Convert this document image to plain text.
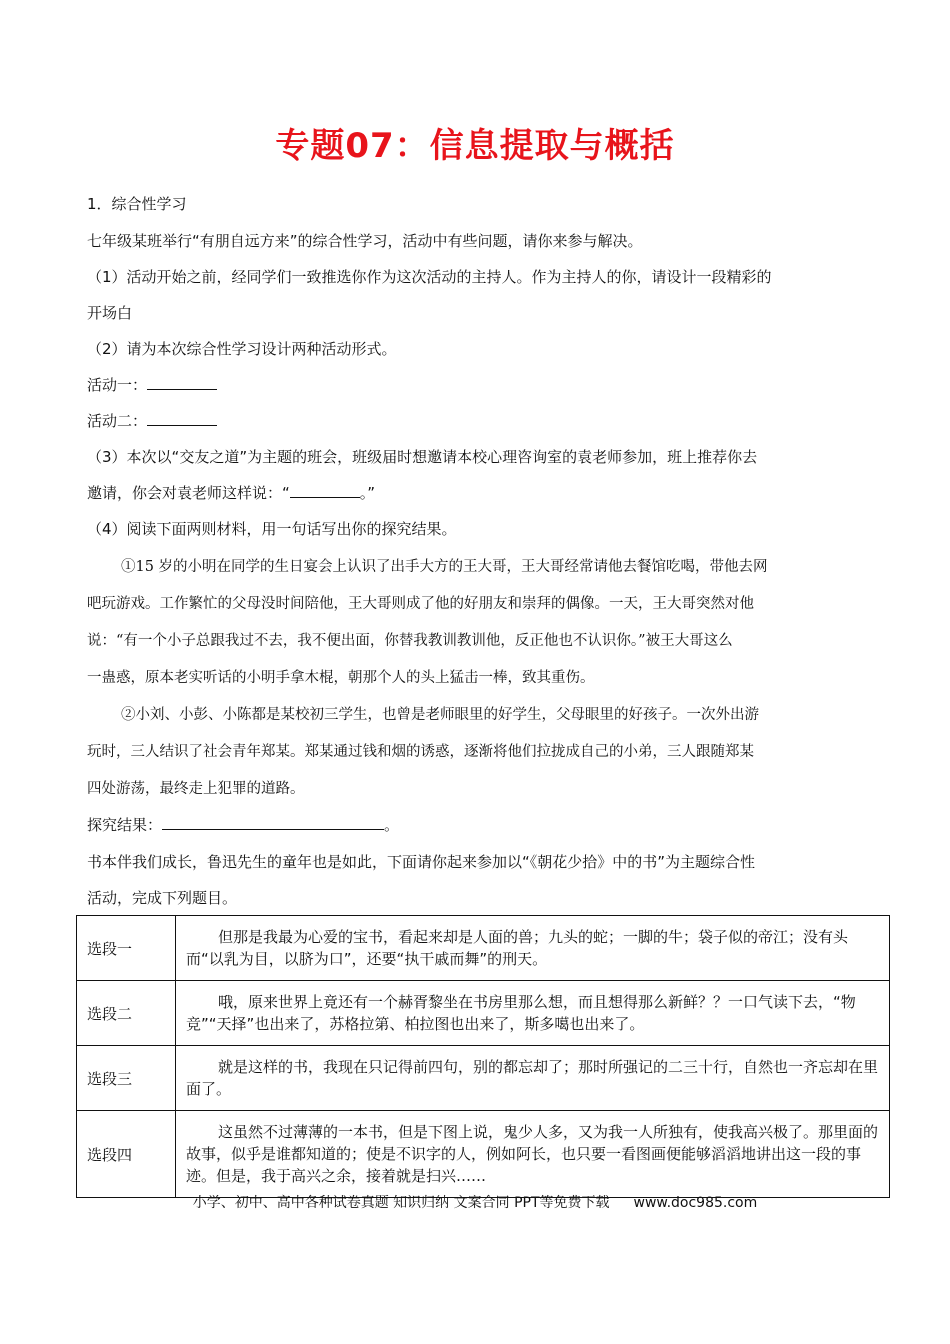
专题07：信息提取与概括
1．综合性学习
七年级某班举行“有朋自远方来”的综合性学习，活动中有些问题，请你来参与解决。
（1）活动开始之前，经同学们一致推选你作为这次活动的主持人。作为主持人的你，请设计一段精彩的
开场白
（2）请为本次综合性学习设计两种活动形式。
活动一：
活动二：
（3）本次以“交友之道”为主题的班会，班级届时想邀请本校心理咨询室的袁老师参加，班上推荐你去
邀请，你会对袁老师这样说：“	。”
（4）阅读下面两则材料，用一句话写出你的探究结果。
①15 岁的小明在同学的生日宴会上认识了出手大方的王大哥，王大哥经常请他去餐馆吃喝，带他去网
吧玩游戏。工作繁忙的父母没时间陪他，王大哥则成了他的好朋友和崇拜的偶像。一天，王大哥突然对他
说：“有一个小子总跟我过不去，我不便出面，你替我教训教训他，反正他也不认识你。”被王大哥这么
一蛊惑，原本老实听话的小明手拿木棍，朝那个人的头上猛击一棒，致其重伤。
②小刘、小彭、小陈都是某校初三学生，也曾是老师眼里的好学生，父母眼里的好孩子。一次外出游
玩时，三人结识了社会青年郑某。郑某通过钱和烟的诱惑，逐渐将他们拉拢成自己的小弟，三人跟随郑某
四处游荡，最终走上犯罪的道路。
探究结果：	。
书本伴我们成长，鲁迅先生的童年也是如此，下面请你起来参加以“《朝花少拾》中的书”为主题综合性
活动，完成下列题目。
选段一	但那是我最为心爱的宝书，看起来却是人面的兽；九头的蛇；一脚的牛；袋子似的帝江；没有头而“以乳为目，以脐为口”，还要“执干戚而舞”的刑天。
选段二	哦，原来世界上竟还有一个赫胥黎坐在书房里那么想，而且想得那么新鲜？？一口气读下去，“物竞”“天择”也出来了，苏格拉第、柏拉图也出来了，斯多噶也出来了。
选段三	就是这样的书，我现在只记得前四句，别的都忘却了；那时所强记的二三十行，自然也一齐忘却在里面了。
选段四	这虽然不过薄薄的一本书，但是下图上说，鬼少人多，又为我一人所独有，使我高兴极了。那里面的故事，似乎是谁都知道的；使是不识字的人，例如阿长，也只要一看图画便能够滔滔地讲出这一段的事迹。但是，我于高兴之余，接着就是扫兴……
小学、初中、高中各种试卷真题 知识归纳 文案合同 PPT等免费下载 www.doc985.com
